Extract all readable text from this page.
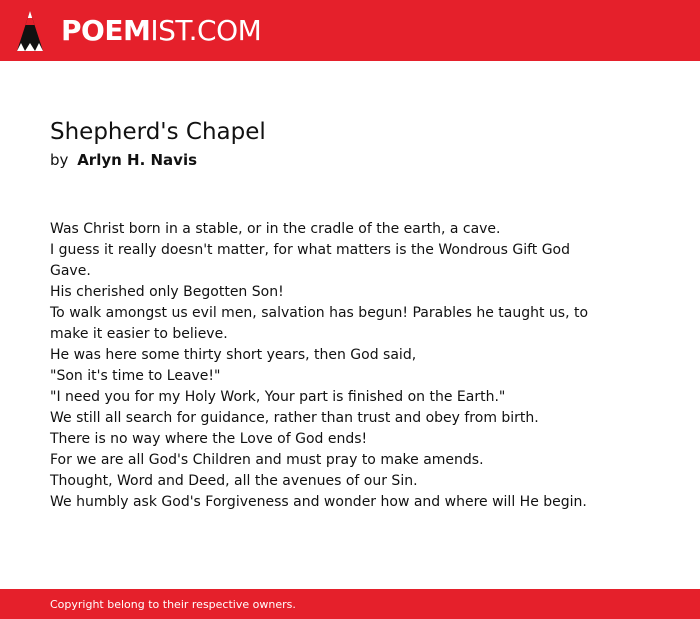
POEMIST.COM
Shepherd's Chapel
by Arlyn H. Navis

Was Christ born in a stable, or in the cradle of the earth, a cave.

I guess it really doesn't matter, for what matters is the Wondrous Gift God Gave.

His cherished only Begotten Son!

To walk amongst us evil men, salvation has begun! Parables he taught us, to make it easier to believe.

He was here some thirty short years, then God said,

"Son it's time to Leave!"

"I need you for my Holy Work, Your part is finished on the Earth."

We still all search for guidance, rather than trust and obey from birth.

There is no way where the Love of God ends!

For we are all God's Children and must pray to make amends.

Thought, Word and Deed, all the avenues of our Sin.

We humbly ask God's Forgiveness and wonder how and where will He begin.

Copyright belong to their respective owners.
